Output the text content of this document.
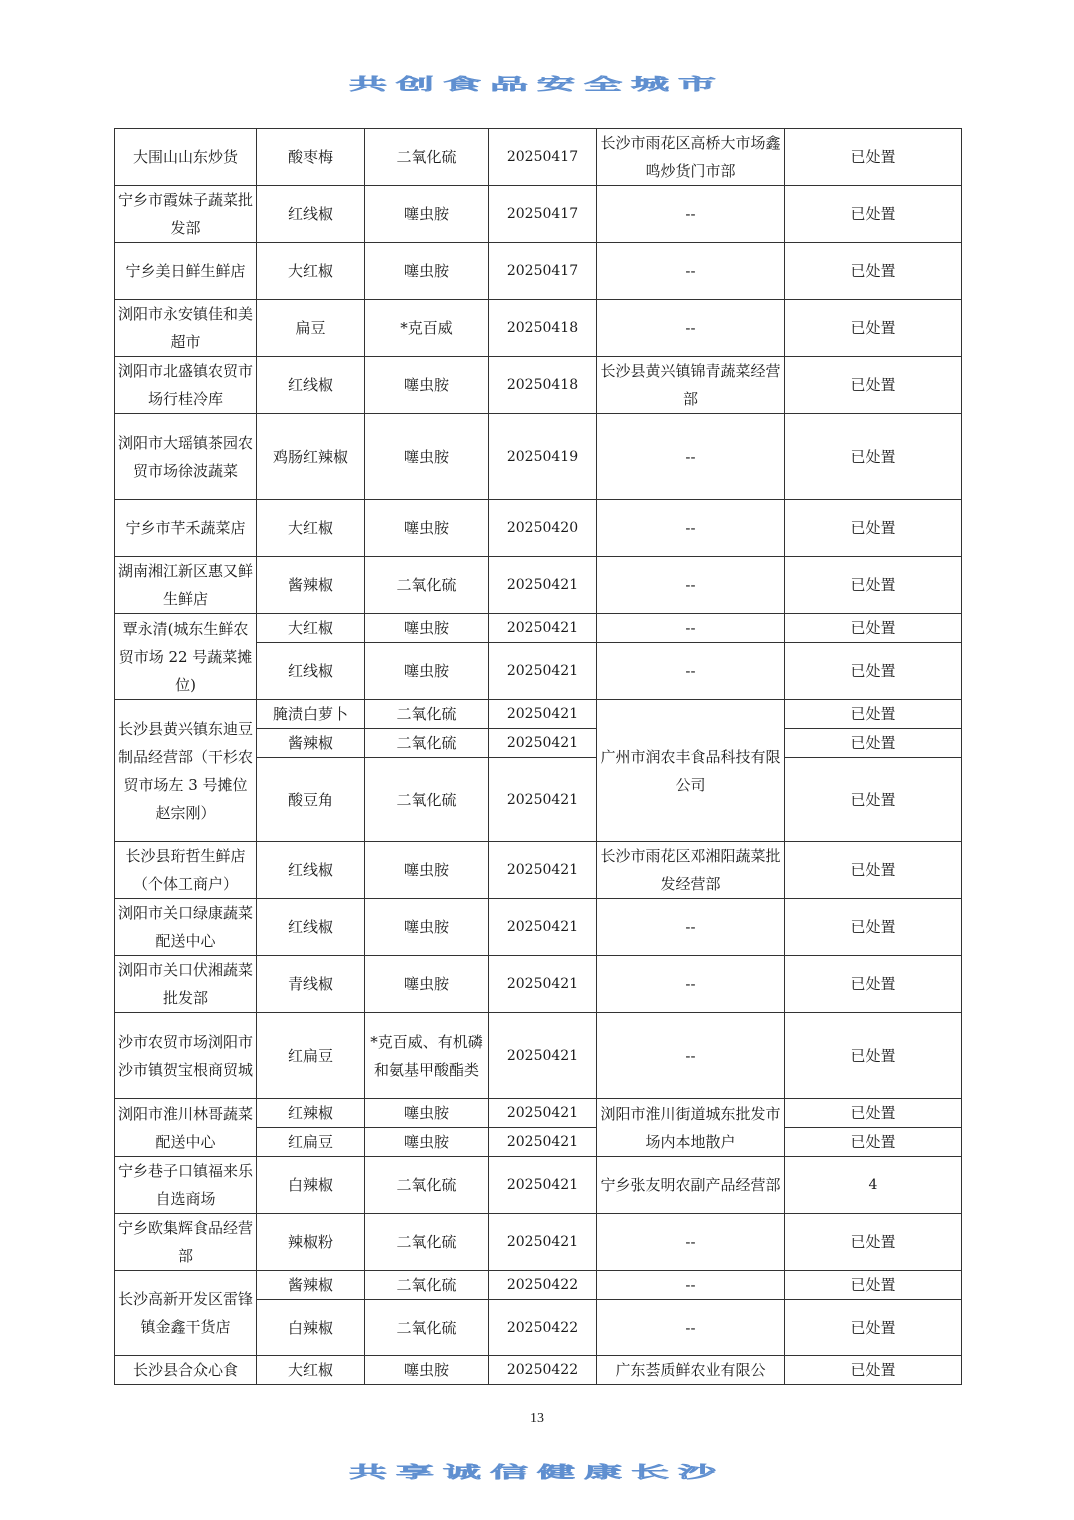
共创食品安全城市
大围山山东炒货	酸枣梅	二氧化硫	20250417	长沙市雨花区高桥大市场鑫鸣炒货门市部	已处置
宁乡市霞妹子蔬菜批发部	红线椒	噻虫胺	20250417	--	已处置
宁乡美日鲜生鲜店	大红椒	噻虫胺	20250417	--	已处置
浏阳市永安镇佳和美超市	扁豆	*克百威	20250418	--	已处置
浏阳市北盛镇农贸市场行桂冷库	红线椒	噻虫胺	20250418	长沙县黄兴镇锦青蔬菜经营部	已处置
浏阳市大瑶镇茶园农贸市场徐波蔬菜	鸡肠红辣椒	噻虫胺	20250419	--	已处置
宁乡市芊禾蔬菜店	大红椒	噻虫胺	20250420	--	已处置
湖南湘江新区惠又鲜生鲜店	酱辣椒	二氧化硫	20250421	--	已处置
覃永清(城东生鲜农贸市场 22 号蔬菜摊位)	大红椒	噻虫胺	20250421	--	已处置
	红线椒	噻虫胺	20250421	--	已处置
长沙县黄兴镇东迪豆制品经营部（干杉农贸市场左 3 号摊位赵宗刚）	腌渍白萝卜	二氧化硫	20250421	广州市润农丰食品科技有限公司	已处置
	酱辣椒	二氧化硫	20250421		已处置
	酸豆角	二氧化硫	20250421		已处置
长沙县珩哲生鲜店（个体工商户）	红线椒	噻虫胺	20250421	长沙市雨花区邓湘阳蔬菜批发经营部	已处置
浏阳市关口绿康蔬菜配送中心	红线椒	噻虫胺	20250421	--	已处置
浏阳市关口伏湘蔬菜批发部	青线椒	噻虫胺	20250421	--	已处置
沙市农贸市场浏阳市沙市镇贺宝根商贸城	红扁豆	*克百威、有机磷和氨基甲酸酯类	20250421	--	已处置
浏阳市淮川林哥蔬菜配送中心	红辣椒	噻虫胺	20250421	浏阳市淮川街道城东批发市场内本地散户	已处置
	红扁豆	噻虫胺	20250421		已处置
宁乡巷子口镇福来乐自选商场	白辣椒	二氧化硫	20250421	宁乡张友明农副产品经营部	4
宁乡欧集辉食品经营部	辣椒粉	二氧化硫	20250421	--	已处置
长沙高新开发区雷锋镇金鑫干货店	酱辣椒	二氧化硫	20250422	--	已处置
	白辣椒	二氧化硫	20250422	--	已处置
长沙县合众心食	大红椒	噻虫胺	20250422	广东荟质鲜农业有限公	已处置
13
共享诚信健康长沙
